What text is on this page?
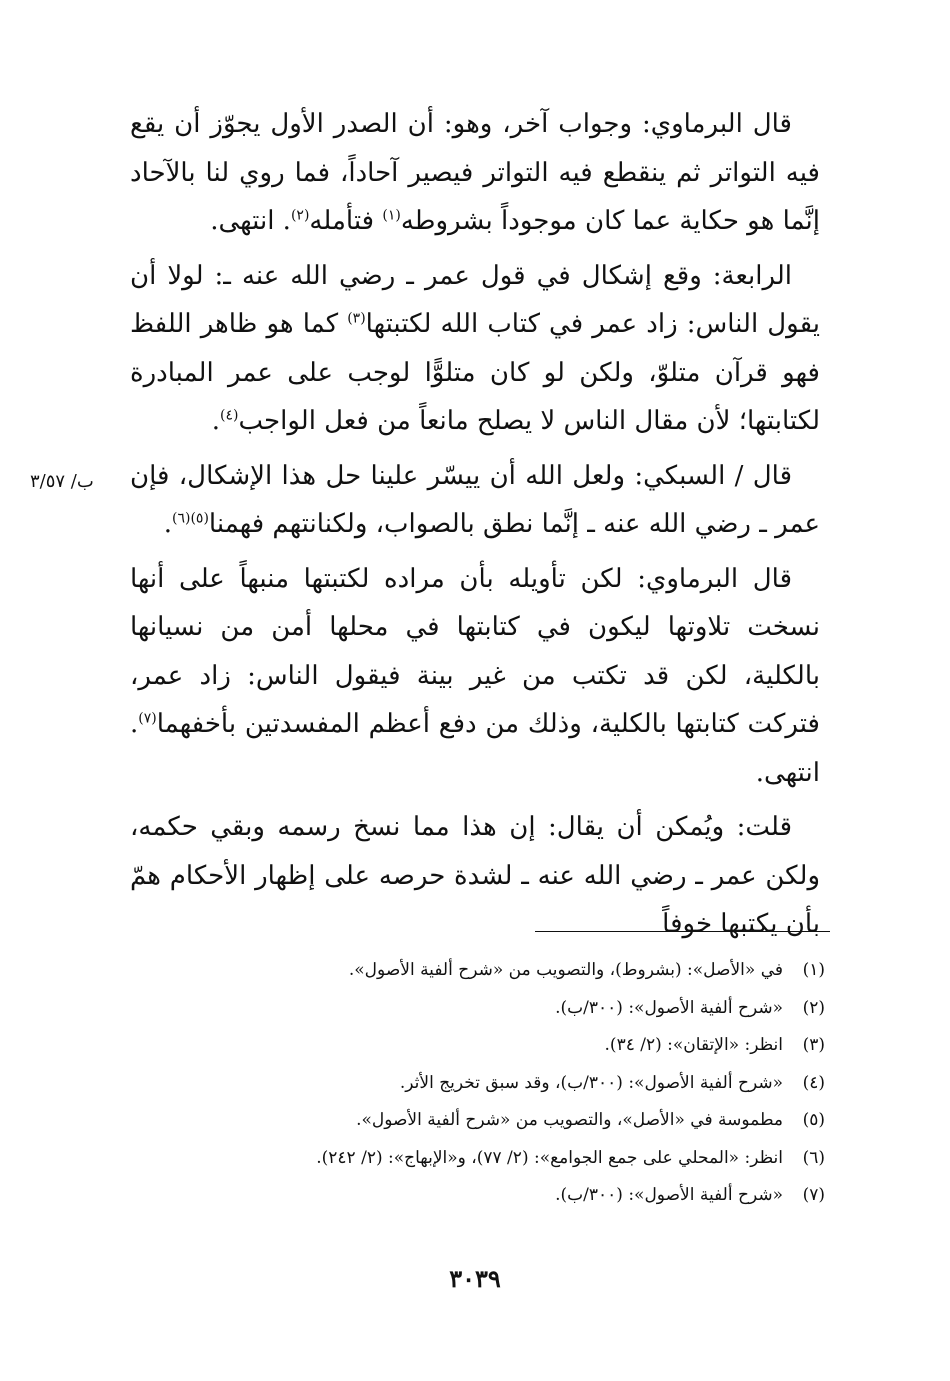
قال البرماوي: وجواب آخر، وهو: أن الصدر الأول يجوّز أن يقع فيه التواتر ثم ينقطع فيه التواتر فيصير آحاداً، فما روي لنا بالآحاد إنَّما هو حكاية عما كان موجوداً بشروطه$^{(١)}$ فتأمله$^{(٢)}$. انتهى.

الرابعة: وقع إشكال في قول عمر ـ رضي الله عنه ـ: لولا أن يقول الناس: زاد عمر في كتاب الله لكتبتها$^{(٣)}$ كما هو ظاهر اللفظ فهو قرآن متلوّ، ولكن لو كان متلوًّا لوجب على عمر المبادرة لكتابتها؛ لأن مقال الناس لا يصلح مانعاً من فعل الواجب$^{(٤)}$.

قال / السبكي: ولعل الله أن ييسّر علينا حل هذا الإشكال، فإن عمر ـ رضي الله عنه ـ إنَّما نطق بالصواب، ولكنانتهم فهمنا$^{(٥)(٦)}$.

قال البرماوي: لكن تأويله بأن مراده لكتبتها منبهاً على أنها نسخت تلاوتها ليكون في كتابتها في محلها أمن من نسيانها بالكلية، لكن قد تكتب من غير بينة فيقول الناس: زاد عمر، فتركت كتابتها بالكلية، وذلك من دفع أعظم المفسدتين بأخفهما$^{(٧)}$. انتهى.

قلت: ويُمكن أن يقال: إن هذا مما نسخ رسمه وبقي حكمه، ولكن عمر ـ رضي الله عنه ـ لشدة حرصه على إظهار الأحكام همّ بأن يكتبها خوفاً

ب/ ٣/٥٧
(١)
في «الأصل»: (بشروط)، والتصويب من «شرح ألفية الأصول».
(٢)
«شرح ألفية الأصول»: (٣٠٠/ب).
(٣)
انظر: «الإتقان»: (٢/ ٣٤).
(٤)
«شرح ألفية الأصول»: (٣٠٠/ب)، وقد سبق تخريج الأثر.
(٥)
مطموسة في «الأصل»، والتصويب من «شرح ألفية الأصول».
(٦)
انظر: «المحلي على جمع الجوامع»: (٢/ ٧٧)، و«الإبهاج»: (٢/ ٢٤٢).
(٧)
«شرح ألفية الأصول»: (٣٠٠/ب).
٣٠٣٩
